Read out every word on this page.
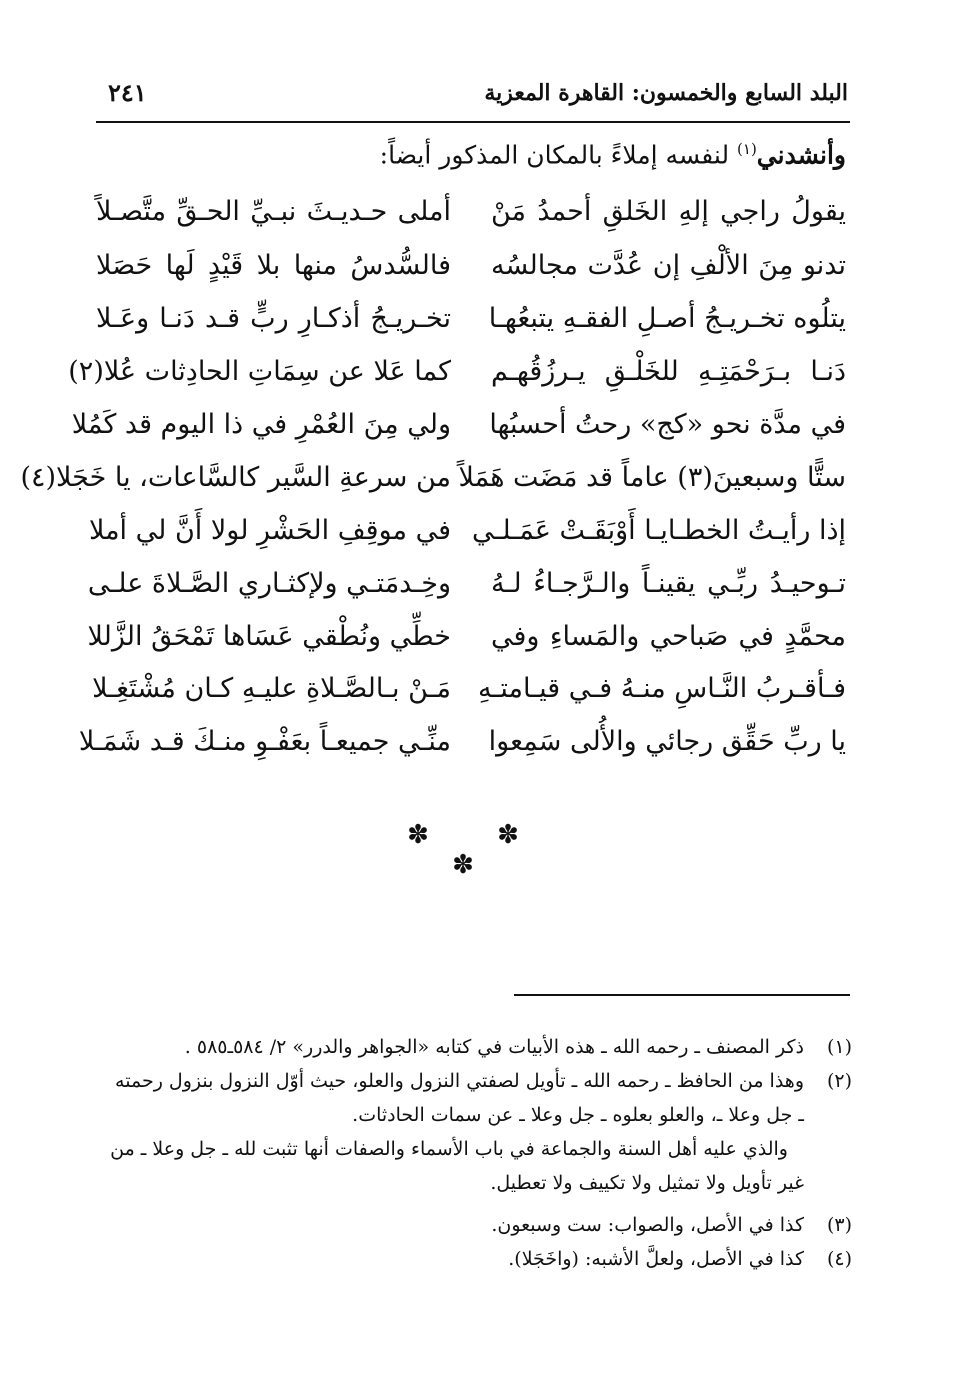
البلد السابع والخمسون: القاهرة المعزية
٢٤١
وأنشدني$^{(١)}$ لنفسه إملاءً بالمكان المذكور أيضاً:
يقولُ راجي إلهِ الخَلقِ أحمدُ مَنْ
أملى حـديـثَ نبـيِّ الحـقِّ متَّصـلاً
تدنو مِنَ الألْفِ إن عُدَّت مجالسُه
فالسُّدسُ منها بلا قَيْدٍ لَها حَصَلا
يتلُوه تخـريـجُ أصـلِ الفقـهِ يتبعُهـا
تخـريـجُ أذكـارِ ربٍّ قـد دَنـا وعَـلا
دَنـا بـرَحْمَتِـهِ للخَلْـقِ يـرزُقُهـم
كما عَلا عن سِمَاتِ الحادِثات عُلا(٢)
في مدَّة نحو «كج» رحتُ أحسبُها
ولي مِنَ العُمْرِ في ذا اليوم قد كَمُلا
ستًّا وسبعينَ(٣) عاماً قد مَضَت هَمَلاً
من سرعةِ السَّير كالسَّاعات، يا خَجَلا(٤)
إذا رأيـتُ الخطـايـا أَوْبَقَـتْ عَمَـلـي
في موقِفِ الحَشْرِ لولا أَنَّ لي أملا
تـوحيـدُ ربِّـي يقينـاً والـرَّجـاءُ لـهُ
وخِـدمَتـي ولإكثـاري الصَّـلاةَ علـى
محمَّدٍ في صَباحي والمَساءِ وفي
خطِّي ونُطْقي عَسَاها تَمْحَقُ الزَّللا
فـأقـربُ النَّـاسِ منـهُ فـي قيـامتـهِ
مَـنْ بـالصَّـلاةِ عليـهِ كـان مُشْتَغِـلا
يا ربِّ حَقِّق رجائي والأُلى سَمِعوا
منِّـي جميعـاً بعَفْـوِ منـكَ قـد شَمَـلا
✽ ✽ ✽
(١)
ذكر المصنف ـ رحمه الله ـ هذه الأبيات في كتابه «الجواهر والدرر» ٢/ ٥٨٤ـ٥٨٥ .
(٢)
وهذا من الحافظ ـ رحمه الله ـ تأويل لصفتي النزول والعلو، حيث أوّل النزول بنزول رحمته ـ جل وعلا ـ، والعلو بعلوه ـ جل وعلا ـ عن سمات الحادثات.
والذي عليه أهل السنة والجماعة في باب الأسماء والصفات أنها تثبت لله ـ جل وعلا ـ من غير تأويل ولا تمثيل ولا تكييف ولا تعطيل.
(٣)
كذا في الأصل، والصواب: ست وسبعون.
(٤)
كذا في الأصل، ولعلَّ الأشبه: (واخَجَلا).
